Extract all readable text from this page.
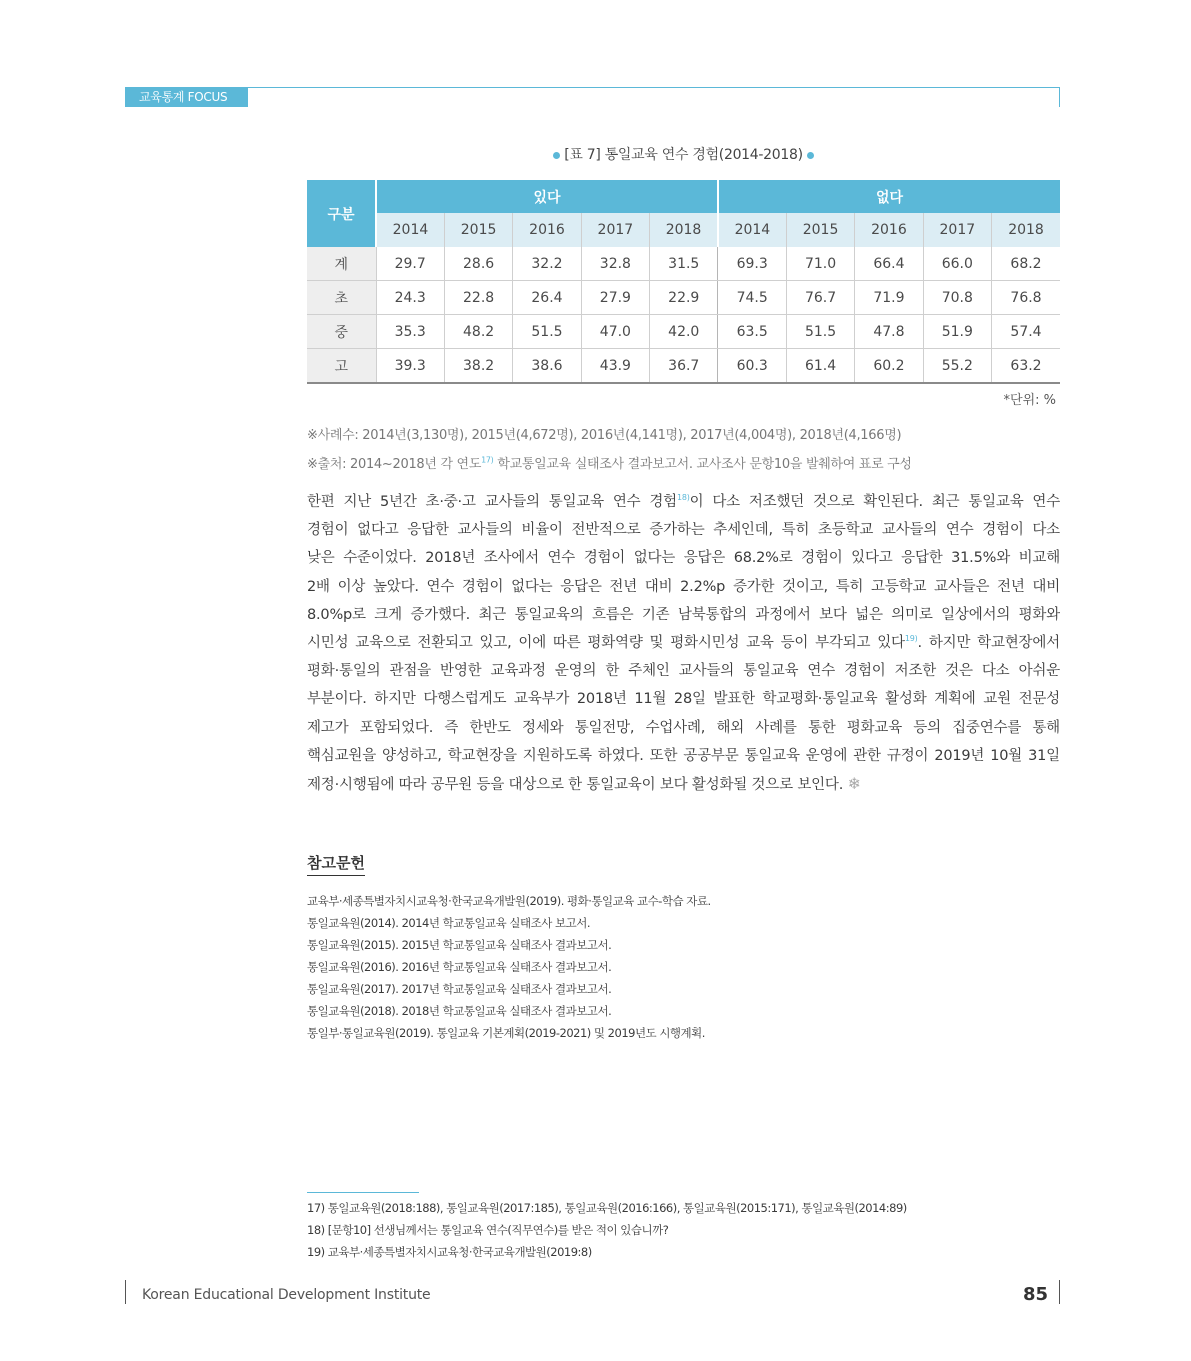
교육통계 FOCUS
[표 7] 통일교육 연수 경험(2014-2018)
구분	있다					없다				
	2014	2015	2016	2017	2018	2014	2015	2016	2017	2018
계	29.7	28.6	32.2	32.8	31.5	69.3	71.0	66.4	66.0	68.2
초	24.3	22.8	26.4	27.9	22.9	74.5	76.7	71.9	70.8	76.8
중	35.3	48.2	51.5	47.0	42.0	63.5	51.5	47.8	51.9	57.4
고	39.3	38.2	38.6	43.9	36.7	60.3	61.4	60.2	55.2	63.2
*단위: %
※사례수: 2014년(3,130명), 2015년(4,672명), 2016년(4,141명), 2017년(4,004명), 2018년(4,166명)
※출처: 2014~2018년 각 연도$^{17)}$ 학교통일교육 실태조사 결과보고서. 교사조사 문항10을 발췌하여 표로 구성
한편 지난 5년간 초·중·고 교사들의 통일교육 연수 경험$^{18)}$이 다소 저조했던 것으로 확인된다. 최근 통일교육 연수
경험이 없다고 응답한 교사들의 비율이 전반적으로 증가하는 추세인데, 특히 초등학교 교사들의 연수 경험이 다소
낮은 수준이었다. 2018년 조사에서 연수 경험이 없다는 응답은 68.2%로 경험이 있다고 응답한 31.5%와 비교해
2배 이상 높았다. 연수 경험이 없다는 응답은 전년 대비 2.2%p 증가한 것이고, 특히 고등학교 교사들은 전년 대비
8.0%p로 크게 증가했다. 최근 통일교육의 흐름은 기존 남북통합의 과정에서 보다 넓은 의미로 일상에서의 평화와
시민성 교육으로 전환되고 있고, 이에 따른 평화역량 및 평화시민성 교육 등이 부각되고 있다$^{19)}$. 하지만 학교현장에서
평화·통일의 관점을 반영한 교육과정 운영의 한 주체인 교사들의 통일교육 연수 경험이 저조한 것은 다소 아쉬운
부분이다. 하지만 다행스럽게도 교육부가 2018년 11월 28일 발표한 학교평화·통일교육 활성화 계획에 교원 전문성
제고가 포함되었다. 즉 한반도 정세와 통일전망, 수업사례, 해외 사례를 통한 평화교육 등의 집중연수를 통해
핵심교원을 양성하고, 학교현장을 지원하도록 하였다. 또한 공공부문 통일교육 운영에 관한 규정이 2019년 10월 31일
제정·시행됨에 따라 공무원 등을 대상으로 한 통일교육이 보다 활성화될 것으로 보인다. ❄
참고문헌
교육부·세종특별자치시교육청·한국교육개발원(2019). 평화·통일교육 교수-학습 자료.
통일교육원(2014). 2014년 학교통일교육 실태조사 보고서.
통일교육원(2015). 2015년 학교통일교육 실태조사 결과보고서.
통일교육원(2016). 2016년 학교통일교육 실태조사 결과보고서.
통일교육원(2017). 2017년 학교통일교육 실태조사 결과보고서.
통일교육원(2018). 2018년 학교통일교육 실태조사 결과보고서.
통일부·통일교육원(2019). 통일교육 기본계획(2019-2021) 및 2019년도 시행계획.
17) 통일교육원(2018:188), 통일교육원(2017:185), 통일교육원(2016:166), 통일교육원(2015:171), 통일교육원(2014:89)
18) [문항10] 선생님께서는 통일교육 연수(직무연수)를 받은 적이 있습니까?
19) 교육부·세종특별자치시교육청·한국교육개발원(2019:8)
Korean Educational Development Institute	85
